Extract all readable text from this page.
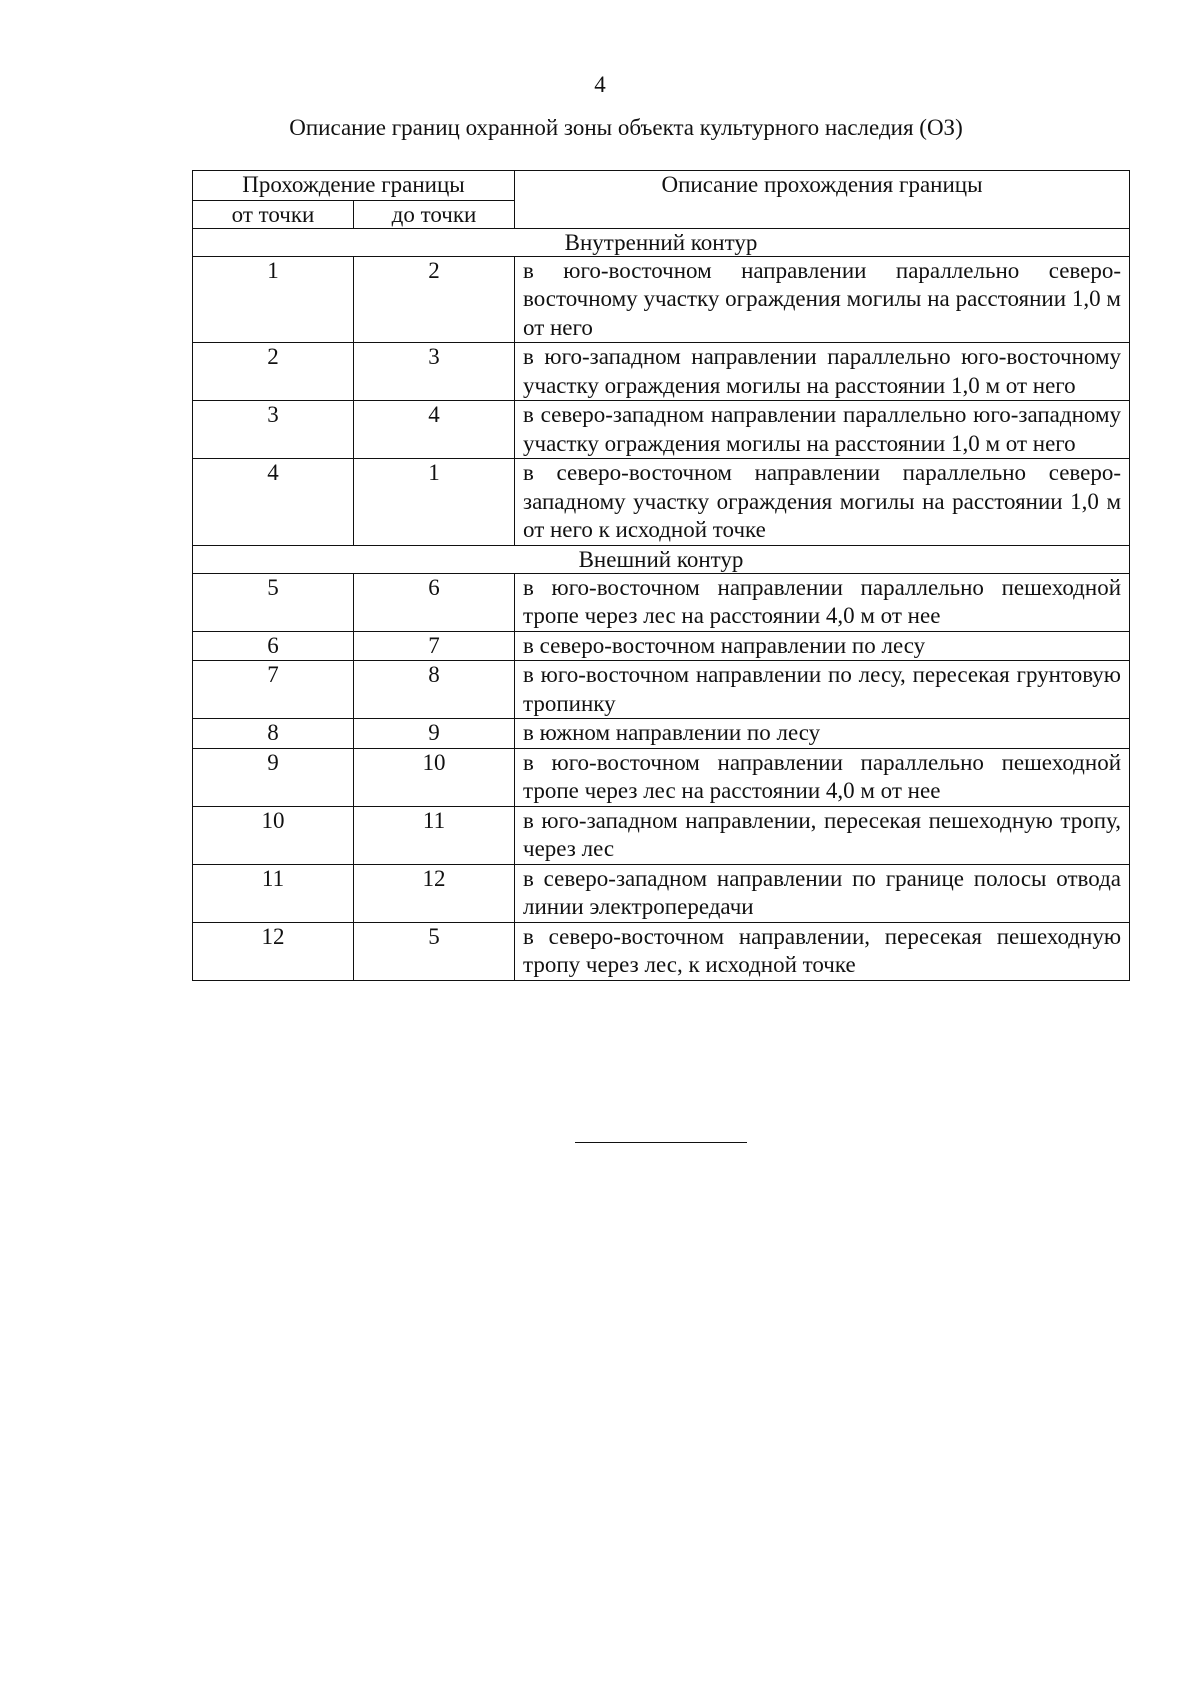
4
Описание границ охранной зоны объекта культурного наследия (ОЗ)
Прохождение границы		Описание прохождения границы
от точки	до точки	
Внутренний контур		
1	2	в юго-восточном направлении параллельно северо-восточному участку ограждения могилы на расстоянии 1,0 м от него
2	3	в юго-западном направлении параллельно юго-восточному участку ограждения могилы на расстоянии 1,0 м от него
3	4	в северо-западном направлении параллельно юго-западному участку ограждения могилы на расстоянии 1,0 м от него
4	1	в северо-восточном направлении параллельно северо-западному участку ограждения могилы на расстоянии 1,0 м от него к исходной точке
Внешний контур		
5	6	в юго-восточном направлении параллельно пешеходной тропе через лес на расстоянии 4,0 м от нее
6	7	в северо-восточном направлении по лесу
7	8	в юго-восточном направлении по лесу, пересекая грунтовую тропинку
8	9	в южном направлении по лесу
9	10	в юго-восточном направлении параллельно пешеходной тропе через лес на расстоянии 4,0 м от нее
10	11	в юго-западном направлении, пересекая пешеходную тропу, через лес
11	12	в северо-западном направлении по границе полосы отвода линии электропередачи
12	5	в северо-восточном направлении, пересекая пешеходную тропу через лес, к исходной точке
